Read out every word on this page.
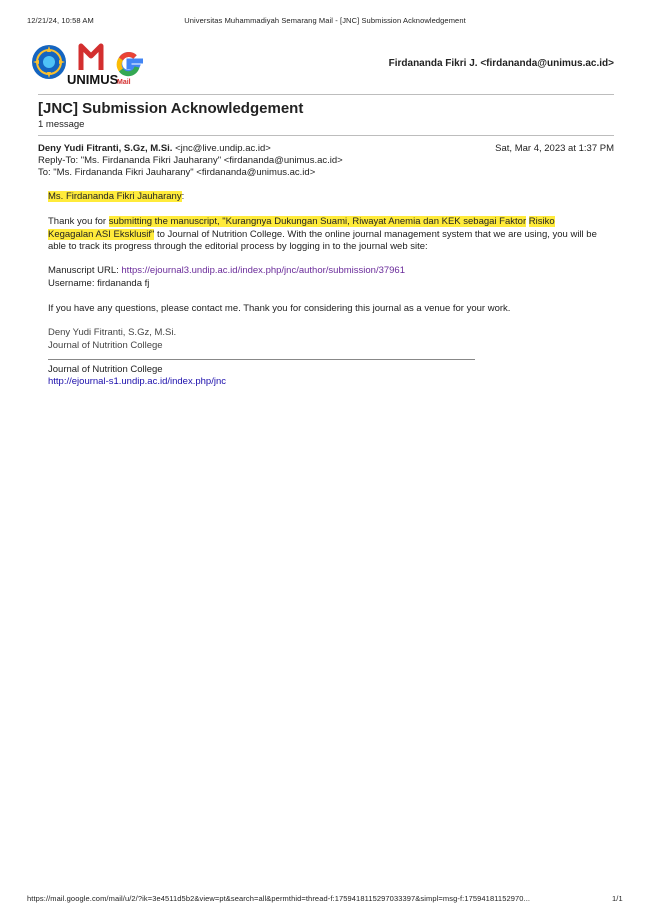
12/21/24, 10:58 AM	Universitas Muhammadiyah Semarang Mail - [JNC] Submission Acknowledgement
UNIMUS
Mail
Firdananda Fikri J. <firdananda@unimus.ac.id>
[JNC] Submission Acknowledgement
1 message
Deny Yudi Fitranti, S.Gz, M.Si. <jnc@live.undip.ac.id>	Sat, Mar 4, 2023 at 1:37 PM
Reply-To: "Ms. Firdananda Fikri Jauharany" <firdananda@unimus.ac.id>
To: "Ms. Firdananda Fikri Jauharany" <firdananda@unimus.ac.id>
Ms. Firdananda Fikri Jauharany:
Thank you for submitting the manuscript, "Kurangnya Dukungan Suami, Riwayat Anemia dan KEK sebagai Faktor Risiko Kegagalan ASI Eksklusif" to Journal of Nutrition College. With the online journal management system that we are using, you will be able to track its progress through the editorial process by logging in to the journal web site:
Manuscript URL: https://ejournal3.undip.ac.id/index.php/jnc/author/submission/37961
Username: firdananda fj
If you have any questions, please contact me. Thank you for considering this journal as a venue for your work.
Deny Yudi Fitranti, S.Gz, M.Si.
Journal of Nutrition College
Journal of Nutrition College
http://ejournal-s1.undip.ac.id/index.php/jnc
https://mail.google.com/mail/u/2/?ik=3e4511d5b2&view=pt&search=all&permthid=thread-f:1759418115297033397&simpl=msg-f:17594181152970...	1/1
